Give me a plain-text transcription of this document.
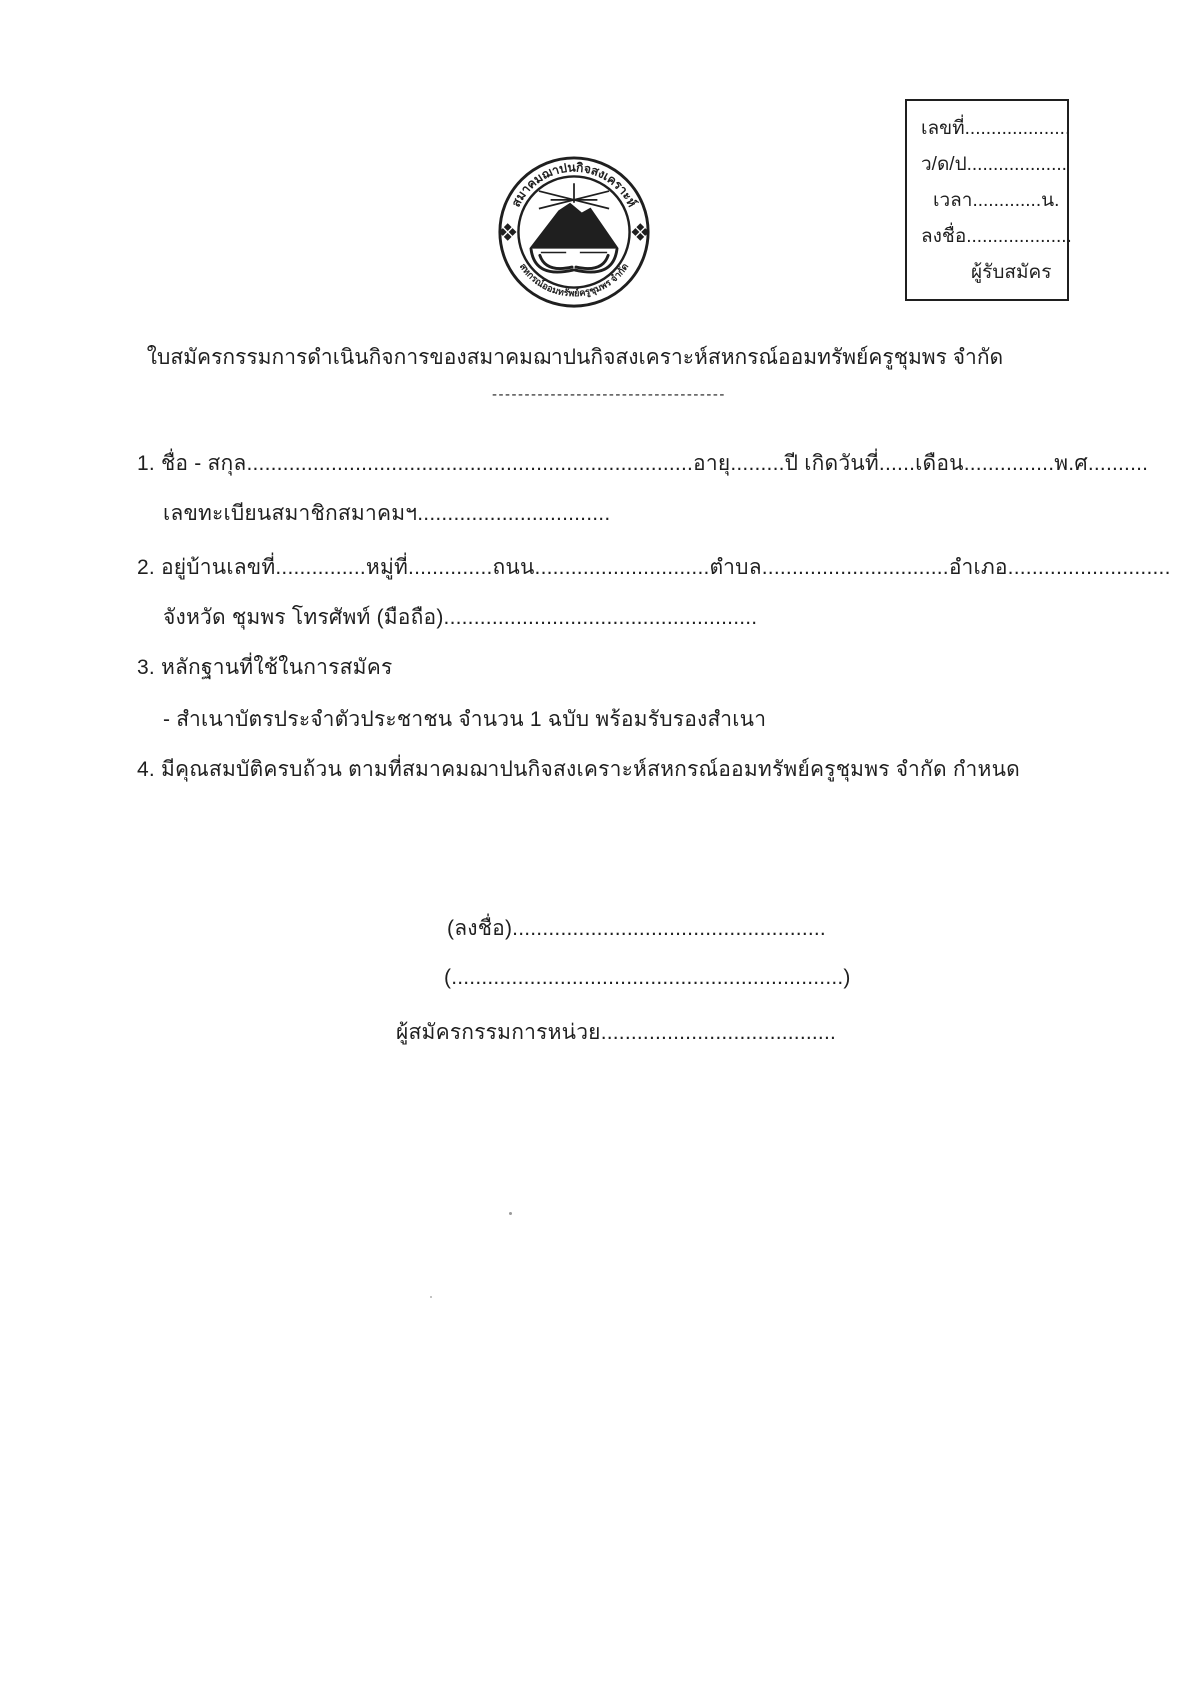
เลขที่....................
ว/ด/ป...................
เวลา.............น.
ลงชื่อ....................
ผู้รับสมัคร
สมาคมฌาปนกิจสงเคราะห์
สหกรณ์ออมทรัพย์ครูชุมพร จำกัด
ใบสมัครกรรมการดำเนินกิจการของสมาคมฌาปนกิจสงเคราะห์สหกรณ์ออมทรัพย์ครูชุมพร จำกัด
------------------------------------
1. ชื่อ - สกุล..........................................................................อายุ.........ปี เกิดวันที่......เดือน...............พ.ศ..........
เลขทะเบียนสมาชิกสมาคมฯ................................
2. อยู่บ้านเลขที่...............หมู่ที่..............ถนน.............................ตำบล...............................อำเภอ...........................
จังหวัด ชุมพร โทรศัพท์ (มือถือ)....................................................
3. หลักฐานที่ใช้ในการสมัคร
- สำเนาบัตรประจำตัวประชาชน จำนวน 1 ฉบับ พร้อมรับรองสำเนา
4. มีคุณสมบัติครบถ้วน ตามที่สมาคมฌาปนกิจสงเคราะห์สหกรณ์ออมทรัพย์ครูชุมพร จำกัด กำหนด
(ลงชื่อ)....................................................
(.................................................................)
ผู้สมัครกรรมการหน่วย.......................................
